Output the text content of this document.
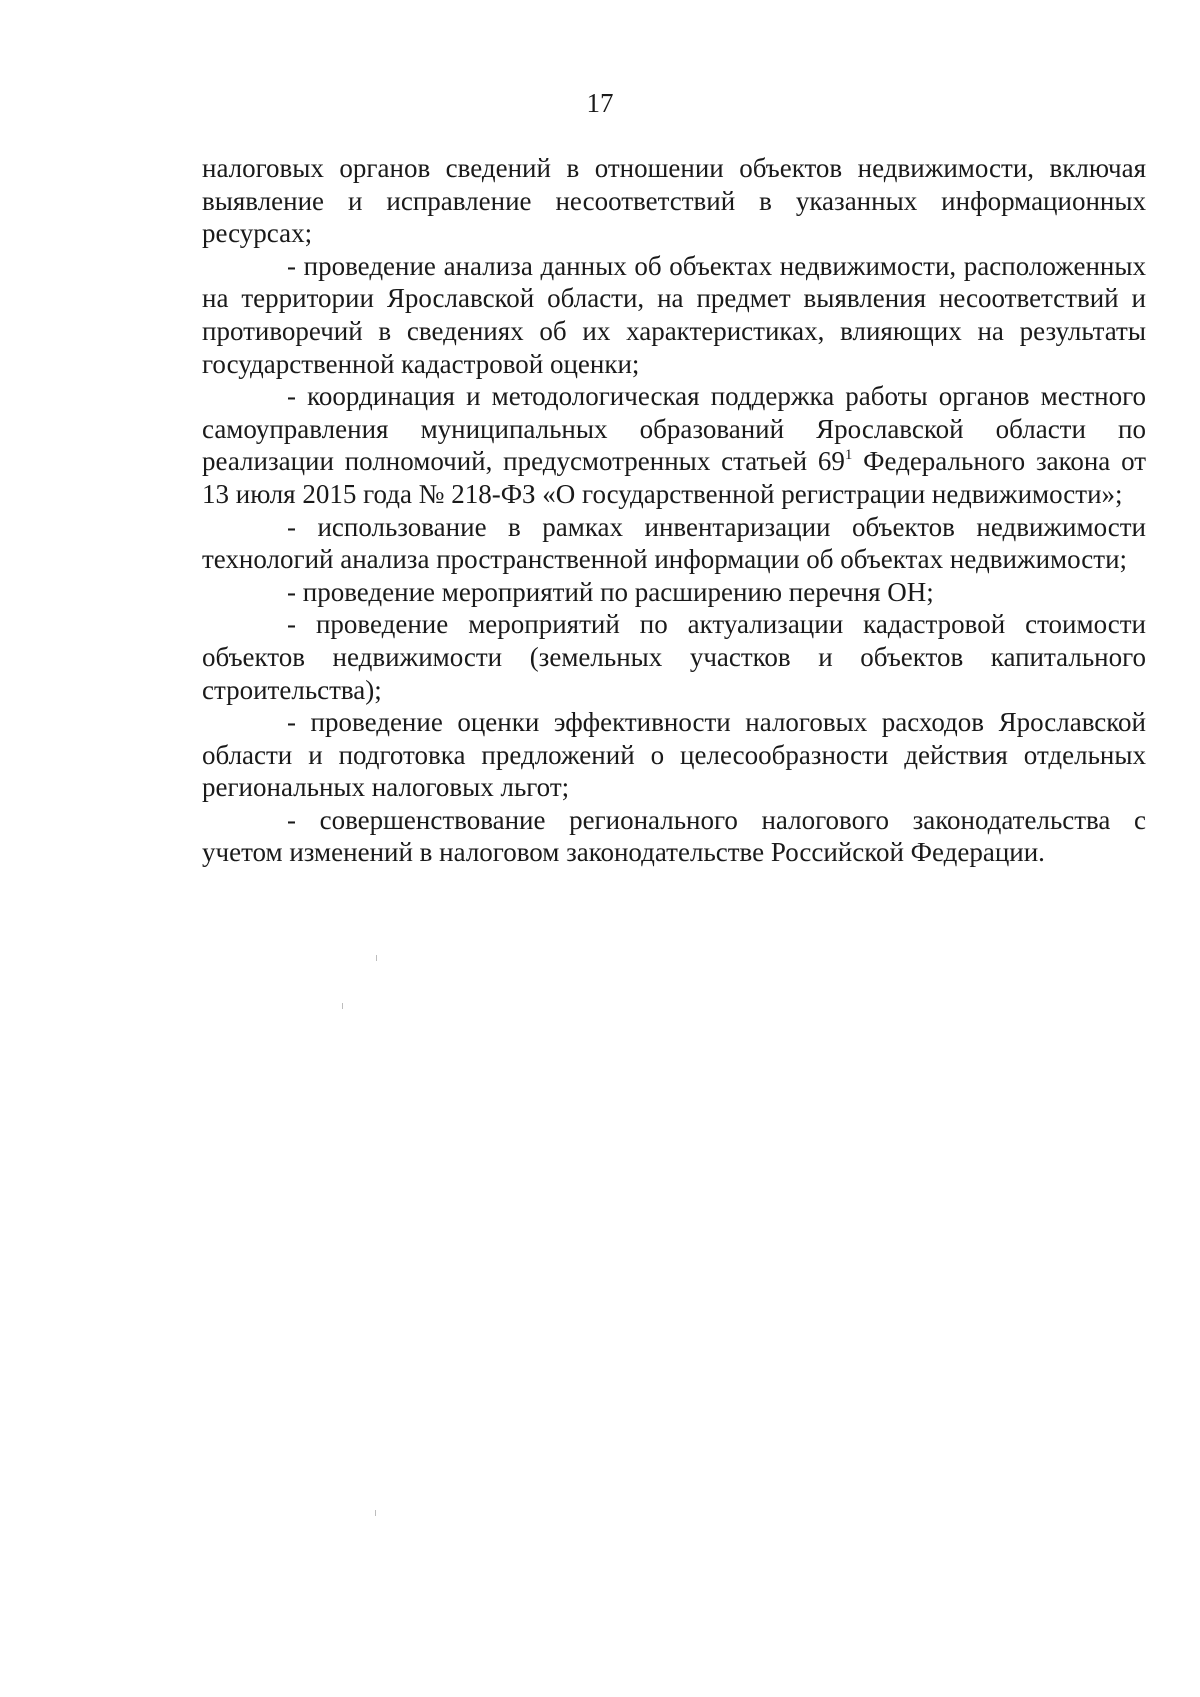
17

налоговых органов сведений в отношении объектов недвижимости, включая выявление и исправление несоответствий в указанных информационных ресурсах;

- проведение анализа данных об объектах недвижимости, расположенных на территории Ярославской области, на предмет выявления несоответствий и противоречий в сведениях об их характеристиках, влияющих на результаты государственной кадастровой оценки;

- координация и методологическая поддержка работы органов местного самоуправления муниципальных образований Ярославской области по реализации полномочий, предусмотренных статьей $69^1$ Федерального закона от 13 июля 2015 года № 218-ФЗ «О государственной регистрации недвижимости»;

- использование в рамках инвентаризации объектов недвижимости технологий анализа пространственной информации об объектах недвижимости;

- проведение мероприятий по расширению перечня ОН;

- проведение мероприятий по актуализации кадастровой стоимости объектов недвижимости (земельных участков и объектов капитального строительства);

- проведение оценки эффективности налоговых расходов Ярославской области и подготовка предложений о целесообразности действия отдельных региональных налоговых льгот;

- совершенствование регионального налогового законодательства с учетом изменений в налоговом законодательстве Российской Федерации.
